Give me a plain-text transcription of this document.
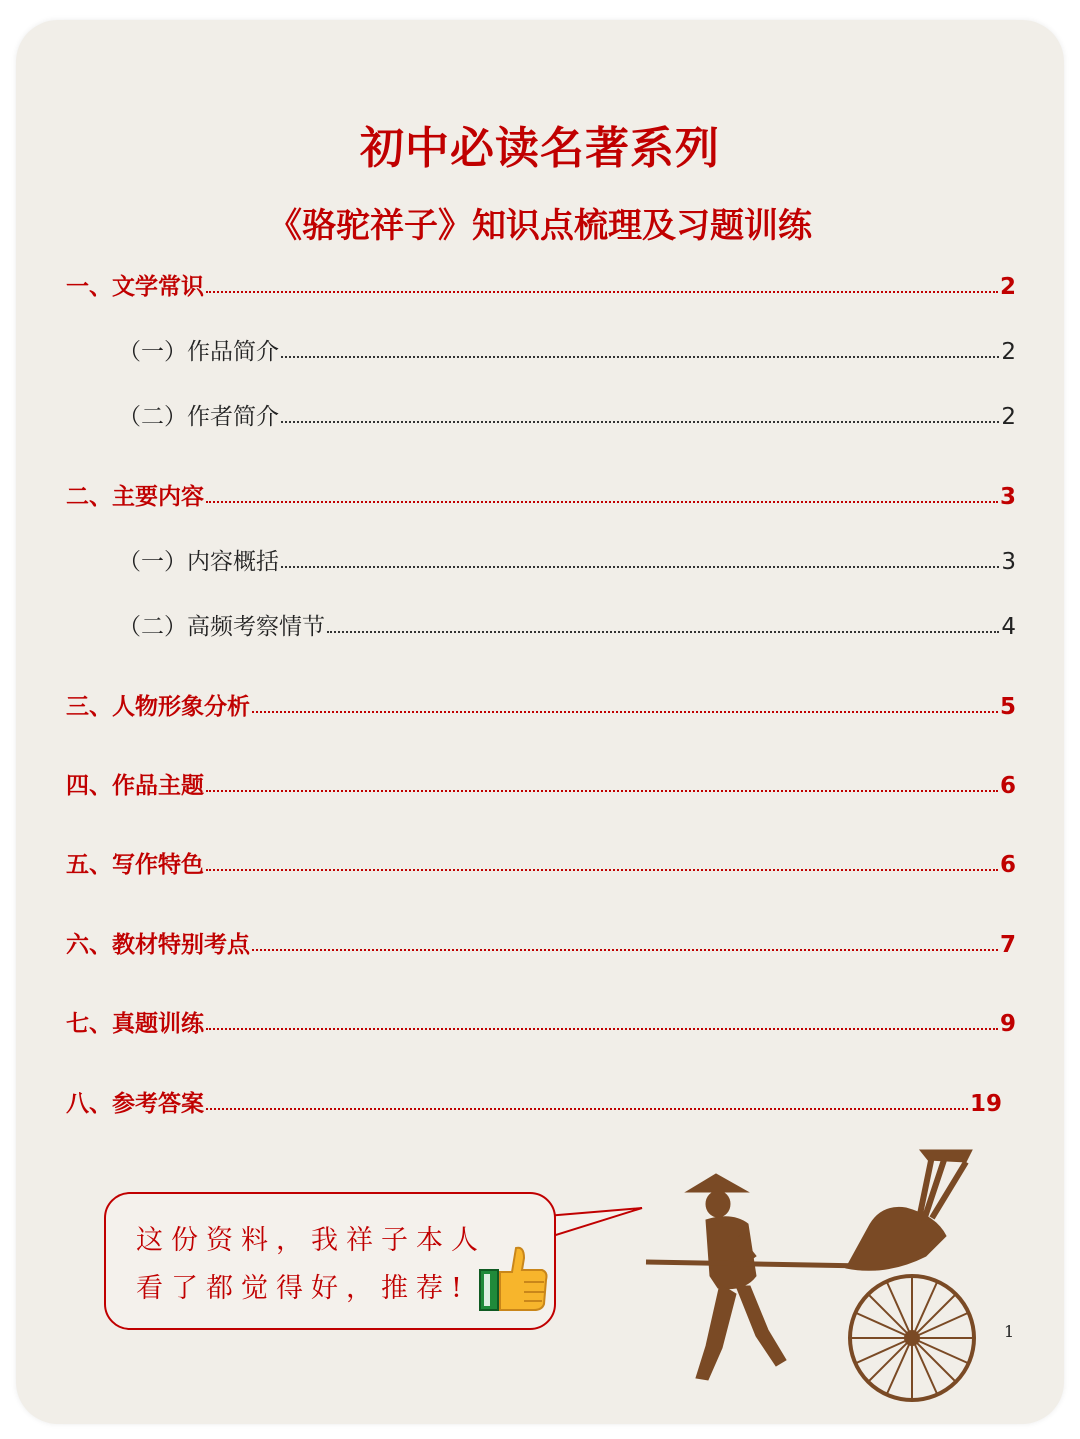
初中必读名著系列
《骆驼祥子》知识点梳理及习题训练
一、文学常识	2
（一）作品简介	2
（二）作者简介	2
二、主要内容	3
（一）内容概括	3
（二）高频考察情节	4
三、人物形象分析	5
四、作品主题	6
五、写作特色	6
六、教材特别考点	7
七、真题训练	9
八、参考答案	19
这份资料，我祥子本人
看了都觉得好，推荐!
1
